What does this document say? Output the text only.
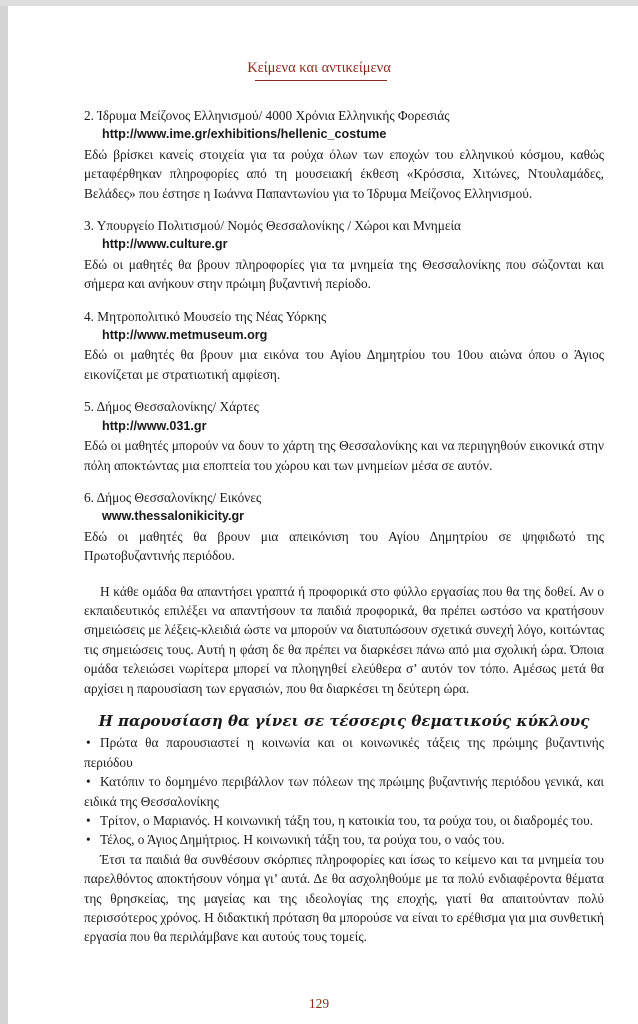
Κείμενα και αντικείμενα
2. Ίδρυμα Μείζονος Ελληνισμού/ 4000 Χρόνια Ελληνικής Φορεσιάς
http://www.ime.gr/exhibitions/hellenic_costume
Εδώ βρίσκει κανείς στοιχεία για τα ρούχα όλων των εποχών του ελληνικού κόσμου, καθώς μεταφέρθηκαν πληροφορίες από τη μουσειακή έκθεση «Κρόσσια, Χιτώνες, Ντουλαμάδες, Βελάδες» που έστησε η Ιωάννα Παπαντωνίου για το Ίδρυμα Μείζονος Ελληνισμού.
3. Υπουργείο Πολιτισμού/ Νομός Θεσσαλονίκης / Χώροι και Μνημεία
http://www.culture.gr
Εδώ οι μαθητές θα βρουν πληροφορίες για τα μνημεία της Θεσσαλονίκης που σώζονται και σήμερα και ανήκουν στην πρώιμη βυζαντινή περίοδο.
4. Μητροπολιτικό Μουσείο της Νέας Υόρκης
http://www.metmuseum.org
Εδώ οι μαθητές θα βρουν μια εικόνα του Αγίου Δημητρίου του 10ου αιώνα όπου ο Άγιος εικονίζεται με στρατιωτική αμφίεση.
5. Δήμος Θεσσαλονίκης/ Χάρτες
http://www.031.gr
Εδώ οι μαθητές μπορούν να δουν το χάρτη της Θεσσαλονίκης και να περιηγηθούν εικονικά στην πόλη αποκτώντας μια εποπτεία του χώρου και των μνημείων μέσα σε αυτόν.
6. Δήμος Θεσσαλονίκης/ Εικόνες
www.thessalonikicity.gr
Εδώ οι μαθητές θα βρουν μια απεικόνιση του Αγίου Δημητρίου σε ψηφιδωτό της Πρωτοβυζαντινής περιόδου.
Η κάθε ομάδα θα απαντήσει γραπτά ή προφορικά στο φύλλο εργασίας που θα της δοθεί. Αν ο εκπαιδευτικός επιλέξει να απαντήσουν τα παιδιά προφορικά, θα πρέπει ωστόσο να κρατήσουν σημειώσεις με λέξεις-κλειδιά ώστε να μπορούν να διατυπώσουν σχετικά συνεχή λόγο, κοιτώντας τις σημειώσεις τους. Αυτή η φάση δε θα πρέπει να διαρκέσει πάνω από μια σχολική ώρα. Όποια ομάδα τελειώσει νωρίτερα μπορεί να πλοηγηθεί ελεύθερα σ’ αυτόν τον τόπο. Αμέσως μετά θα αρχίσει η παρουσίαση των εργασιών, που θα διαρκέσει τη δεύτερη ώρα.
Η παρουσίαση θα γίνει σε τέσσερις θεματικούς κύκλους
• Πρώτα θα παρουσιαστεί η κοινωνία και οι κοινωνικές τάξεις της πρώιμης βυζαντινής περιόδου
• Κατόπιν το δομημένο περιβάλλον των πόλεων της πρώιμης βυζαντινής περιόδου γενικά, και ειδικά της Θεσσαλονίκης
• Τρίτον, ο Μαριανός. Η κοινωνική τάξη του, η κατοικία του, τα ρούχα του, οι διαδρομές του.
• Τέλος, ο Άγιος Δημήτριος. Η κοινωνική τάξη του, τα ρούχα του, ο ναός του.
Έτσι τα παιδιά θα συνθέσουν σκόρπιες πληροφορίες και ίσως το κείμενο και τα μνημεία του παρελθόντος αποκτήσουν νόημα γι’ αυτά. Δε θα ασχοληθούμε με τα πολύ ενδιαφέροντα θέματα της θρησκείας, της μαγείας και της ιδεολογίας της εποχής, γιατί θα απαιτούνταν πολύ περισσότερος χρόνος. Η διδακτική πρόταση θα μπορούσε να είναι το ερέθισμα για μια συνθετική εργασία που θα περιλάμβανε και αυτούς τους τομείς.
129
